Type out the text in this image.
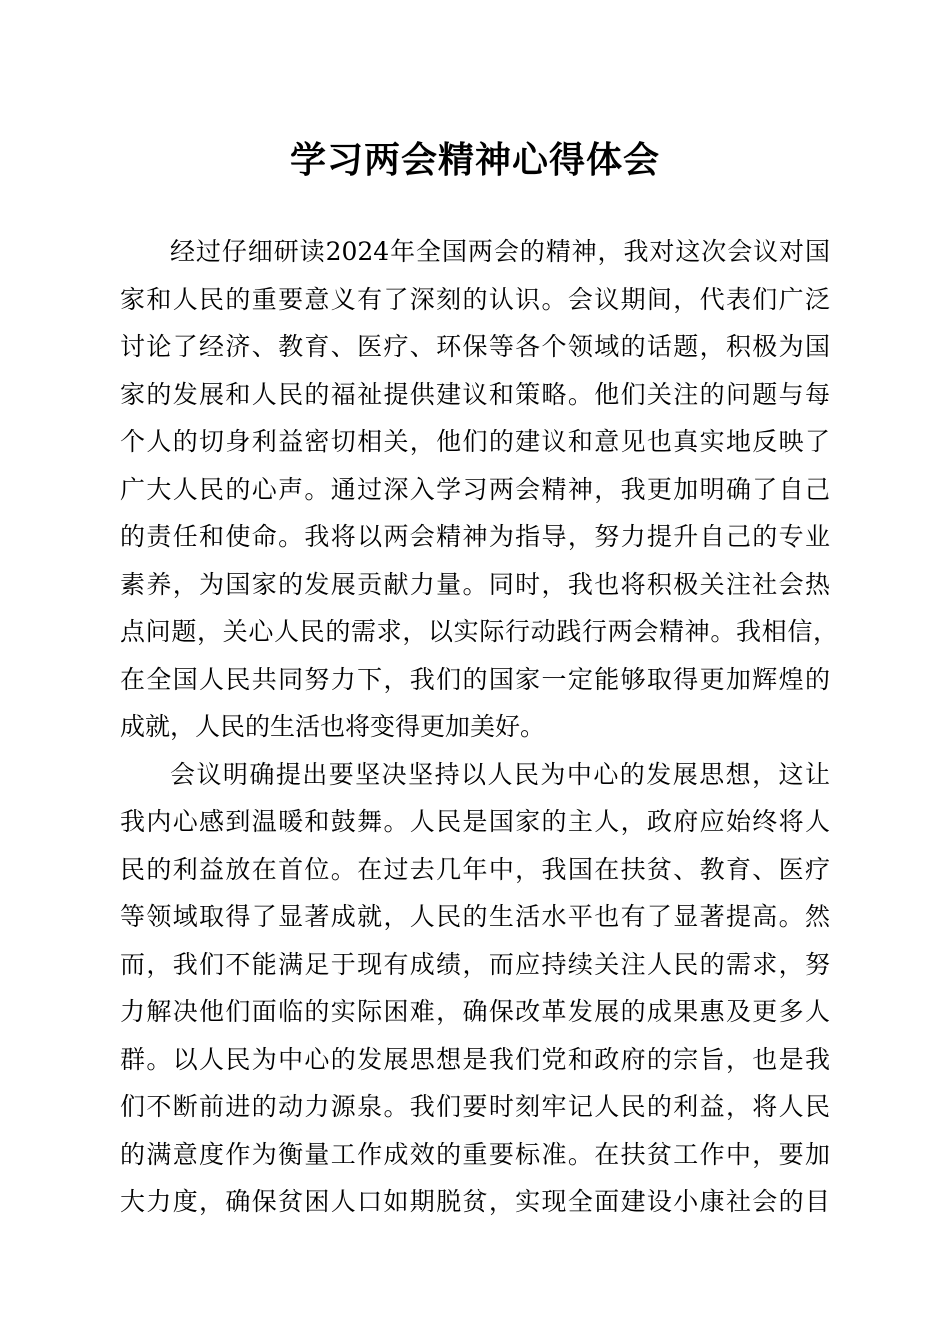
学习两会精神心得体会
经过仔细研读2024年全国两会的精神，我对这次会议对国
家和人民的重要意义有了深刻的认识。会议期间，代表们广泛
讨论了经济、教育、医疗、环保等各个领域的话题，积极为国
家的发展和人民的福祉提供建议和策略。他们关注的问题与每
个人的切身利益密切相关，他们的建议和意见也真实地反映了
广大人民的心声。通过深入学习两会精神，我更加明确了自己
的责任和使命。我将以两会精神为指导，努力提升自己的专业
素养，为国家的发展贡献力量。同时，我也将积极关注社会热
点问题，关心人民的需求，以实际行动践行两会精神。我相信，
在全国人民共同努力下，我们的国家一定能够取得更加辉煌的
成就，人民的生活也将变得更加美好。
会议明确提出要坚决坚持以人民为中心的发展思想，这让
我内心感到温暖和鼓舞。人民是国家的主人，政府应始终将人
民的利益放在首位。在过去几年中，我国在扶贫、教育、医疗
等领域取得了显著成就，人民的生活水平也有了显著提高。然
而，我们不能满足于现有成绩，而应持续关注人民的需求，努
力解决他们面临的实际困难，确保改革发展的成果惠及更多人
群。以人民为中心的发展思想是我们党和政府的宗旨，也是我
们不断前进的动力源泉。我们要时刻牢记人民的利益，将人民
的满意度作为衡量工作成效的重要标准。在扶贫工作中，要加
大力度，确保贫困人口如期脱贫，实现全面建设小康社会的目
